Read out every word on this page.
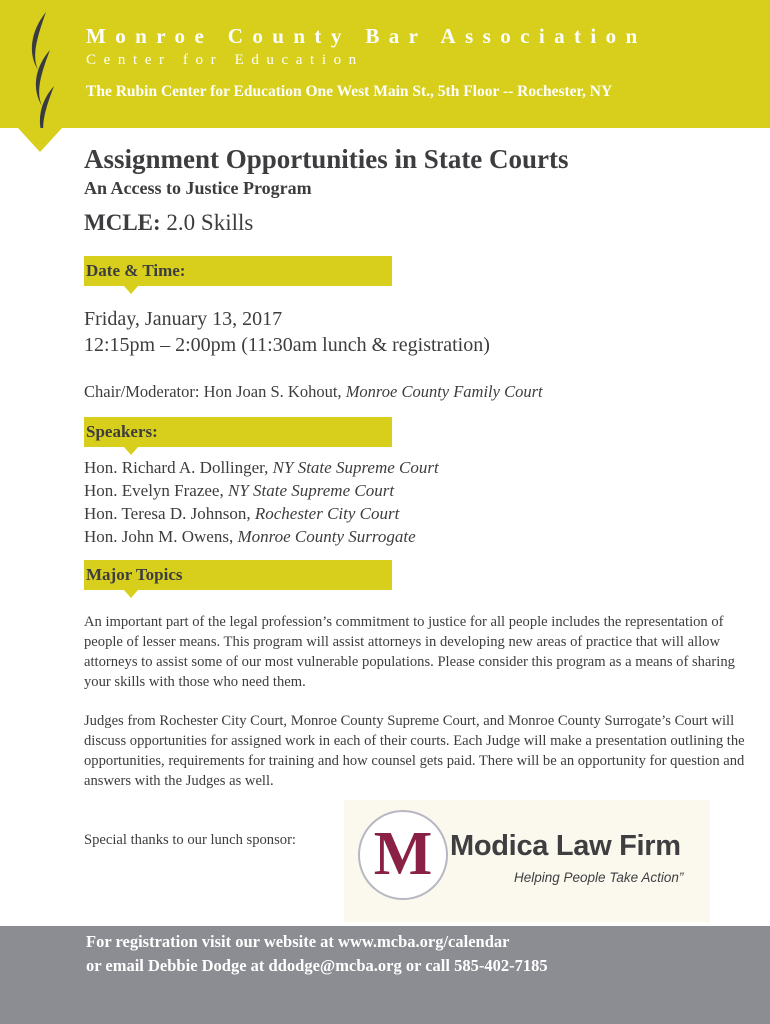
Monroe County Bar Association
Center for Education
The Rubin Center for Education One West Main St., 5th Floor -- Rochester, NY
Assignment Opportunities in State Courts
An Access to Justice Program
MCLE: 2.0 Skills
Date & Time:
Friday, January 13, 2017
12:15pm – 2:00pm (11:30am lunch & registration)
Chair/Moderator: Hon Joan S. Kohout, Monroe County Family Court
Speakers:
Hon. Richard A. Dollinger, NY State Supreme Court
Hon. Evelyn Frazee, NY State Supreme Court
Hon. Teresa D. Johnson, Rochester City Court
Hon. John M. Owens, Monroe County Surrogate
Major Topics
An important part of the legal profession’s commitment to justice for all people includes the representation of people of lesser means. This program will assist attorneys in developing new areas of practice that will allow attorneys to assist some of our most vulnerable populations. Please consider this program as a means of sharing your skills with those who need them.
Judges from Rochester City Court, Monroe County Supreme Court, and Monroe County Surrogate’s Court will discuss opportunities for assigned work in each of their courts. Each Judge will make a presentation outlining the opportunities, requirements for training and how counsel gets paid. There will be an opportunity for question and answers with the Judges as well.
Special thanks to our lunch sponsor: M Modica Law Firm
Helping People Take Action”
For registration visit our website at www.mcba.org/calendar
or email Debbie Dodge at ddodge@mcba.org or call 585-402-7185
